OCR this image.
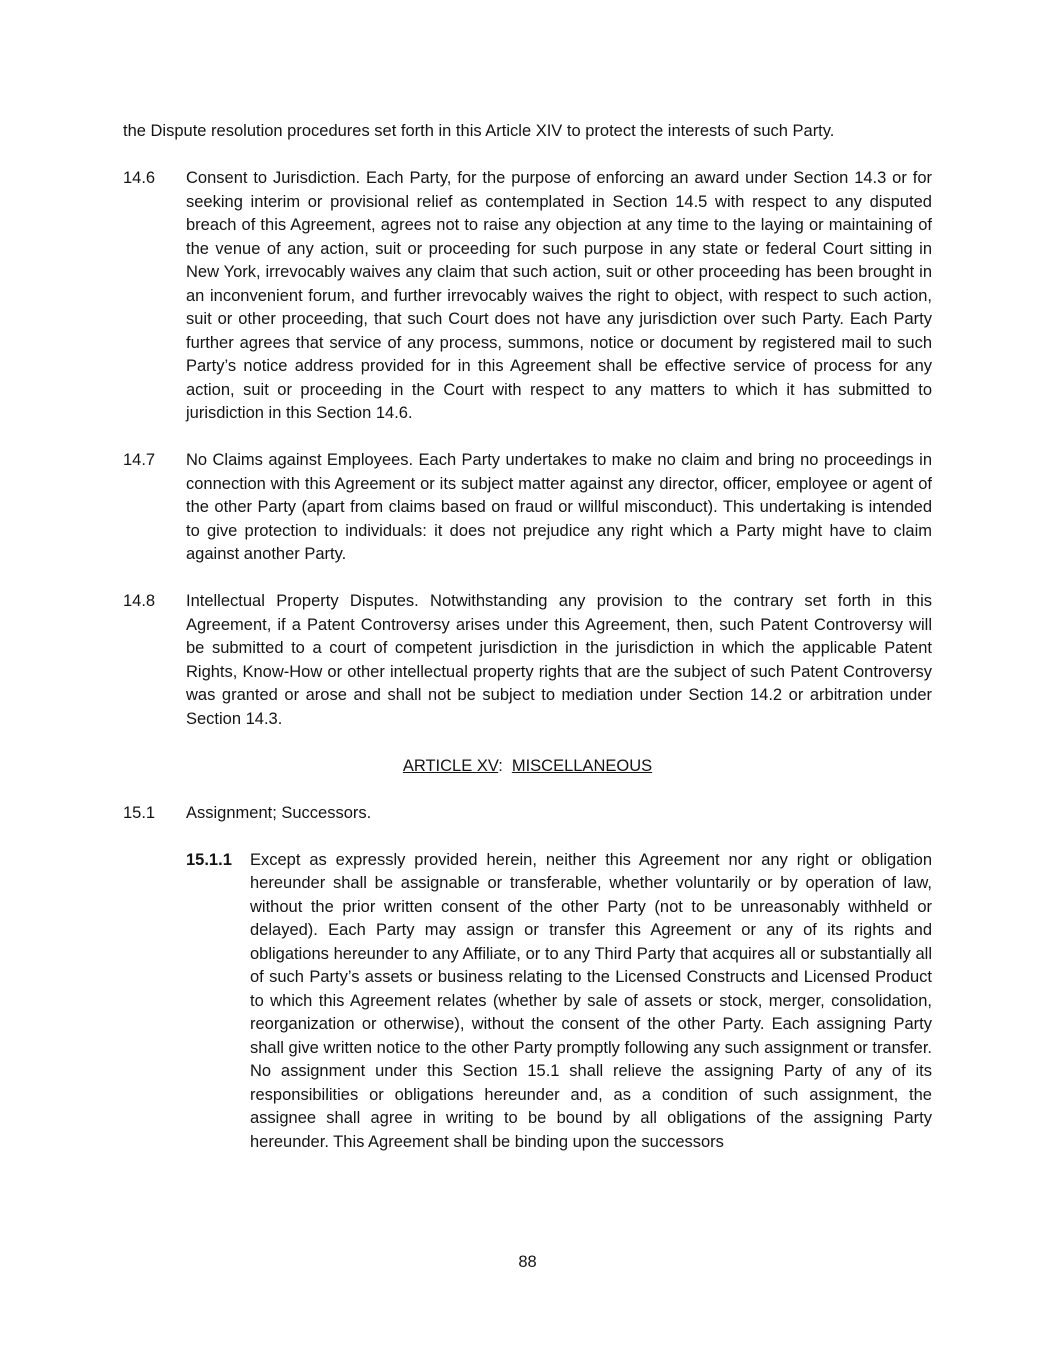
the Dispute resolution procedures set forth in this Article XIV to protect the interests of such Party.

14.6	Consent to Jurisdiction. Each Party, for the purpose of enforcing an award under Section 14.3 or for seeking interim or provisional relief as contemplated in Section 14.5 with respect to any disputed breach of this Agreement, agrees not to raise any objection at any time to the laying or maintaining of the venue of any action, suit or proceeding for such purpose in any state or federal Court sitting in New York, irrevocably waives any claim that such action, suit or other proceeding has been brought in an inconvenient forum, and further irrevocably waives the right to object, with respect to such action, suit or other proceeding, that such Court does not have any jurisdiction over such Party. Each Party further agrees that service of any process, summons, notice or document by registered mail to such Party’s notice address provided for in this Agreement shall be effective service of process for any action, suit or proceeding in the Court with respect to any matters to which it has submitted to jurisdiction in this Section 14.6.

14.7	No Claims against Employees. Each Party undertakes to make no claim and bring no proceedings in connection with this Agreement or its subject matter against any director, officer, employee or agent of the other Party (apart from claims based on fraud or willful misconduct). This undertaking is intended to give protection to individuals: it does not prejudice any right which a Party might have to claim against another Party.

14.8	Intellectual Property Disputes. Notwithstanding any provision to the contrary set forth in this Agreement, if a Patent Controversy arises under this Agreement, then, such Patent Controversy will be submitted to a court of competent jurisdiction in the jurisdiction in which the applicable Patent Rights, Know-How or other intellectual property rights that are the subject of such Patent Controversy was granted or arose and shall not be subject to mediation under Section 14.2 or arbitration under Section 14.3.

ARTICLE XV: MISCELLANEOUS
15.1	Assignment; Successors.

15.1.1	Except as expressly provided herein, neither this Agreement nor any right or obligation hereunder shall be assignable or transferable, whether voluntarily or by operation of law, without the prior written consent of the other Party (not to be unreasonably withheld or delayed). Each Party may assign or transfer this Agreement or any of its rights and obligations hereunder to any Affiliate, or to any Third Party that acquires all or substantially all of such Party’s assets or business relating to the Licensed Constructs and Licensed Product to which this Agreement relates (whether by sale of assets or stock, merger, consolidation, reorganization or otherwise), without the consent of the other Party. Each assigning Party shall give written notice to the other Party promptly following any such assignment or transfer. No assignment under this Section 15.1 shall relieve the assigning Party of any of its responsibilities or obligations hereunder and, as a condition of such assignment, the assignee shall agree in writing to be bound by all obligations of the assigning Party hereunder. This Agreement shall be binding upon the successors

88
